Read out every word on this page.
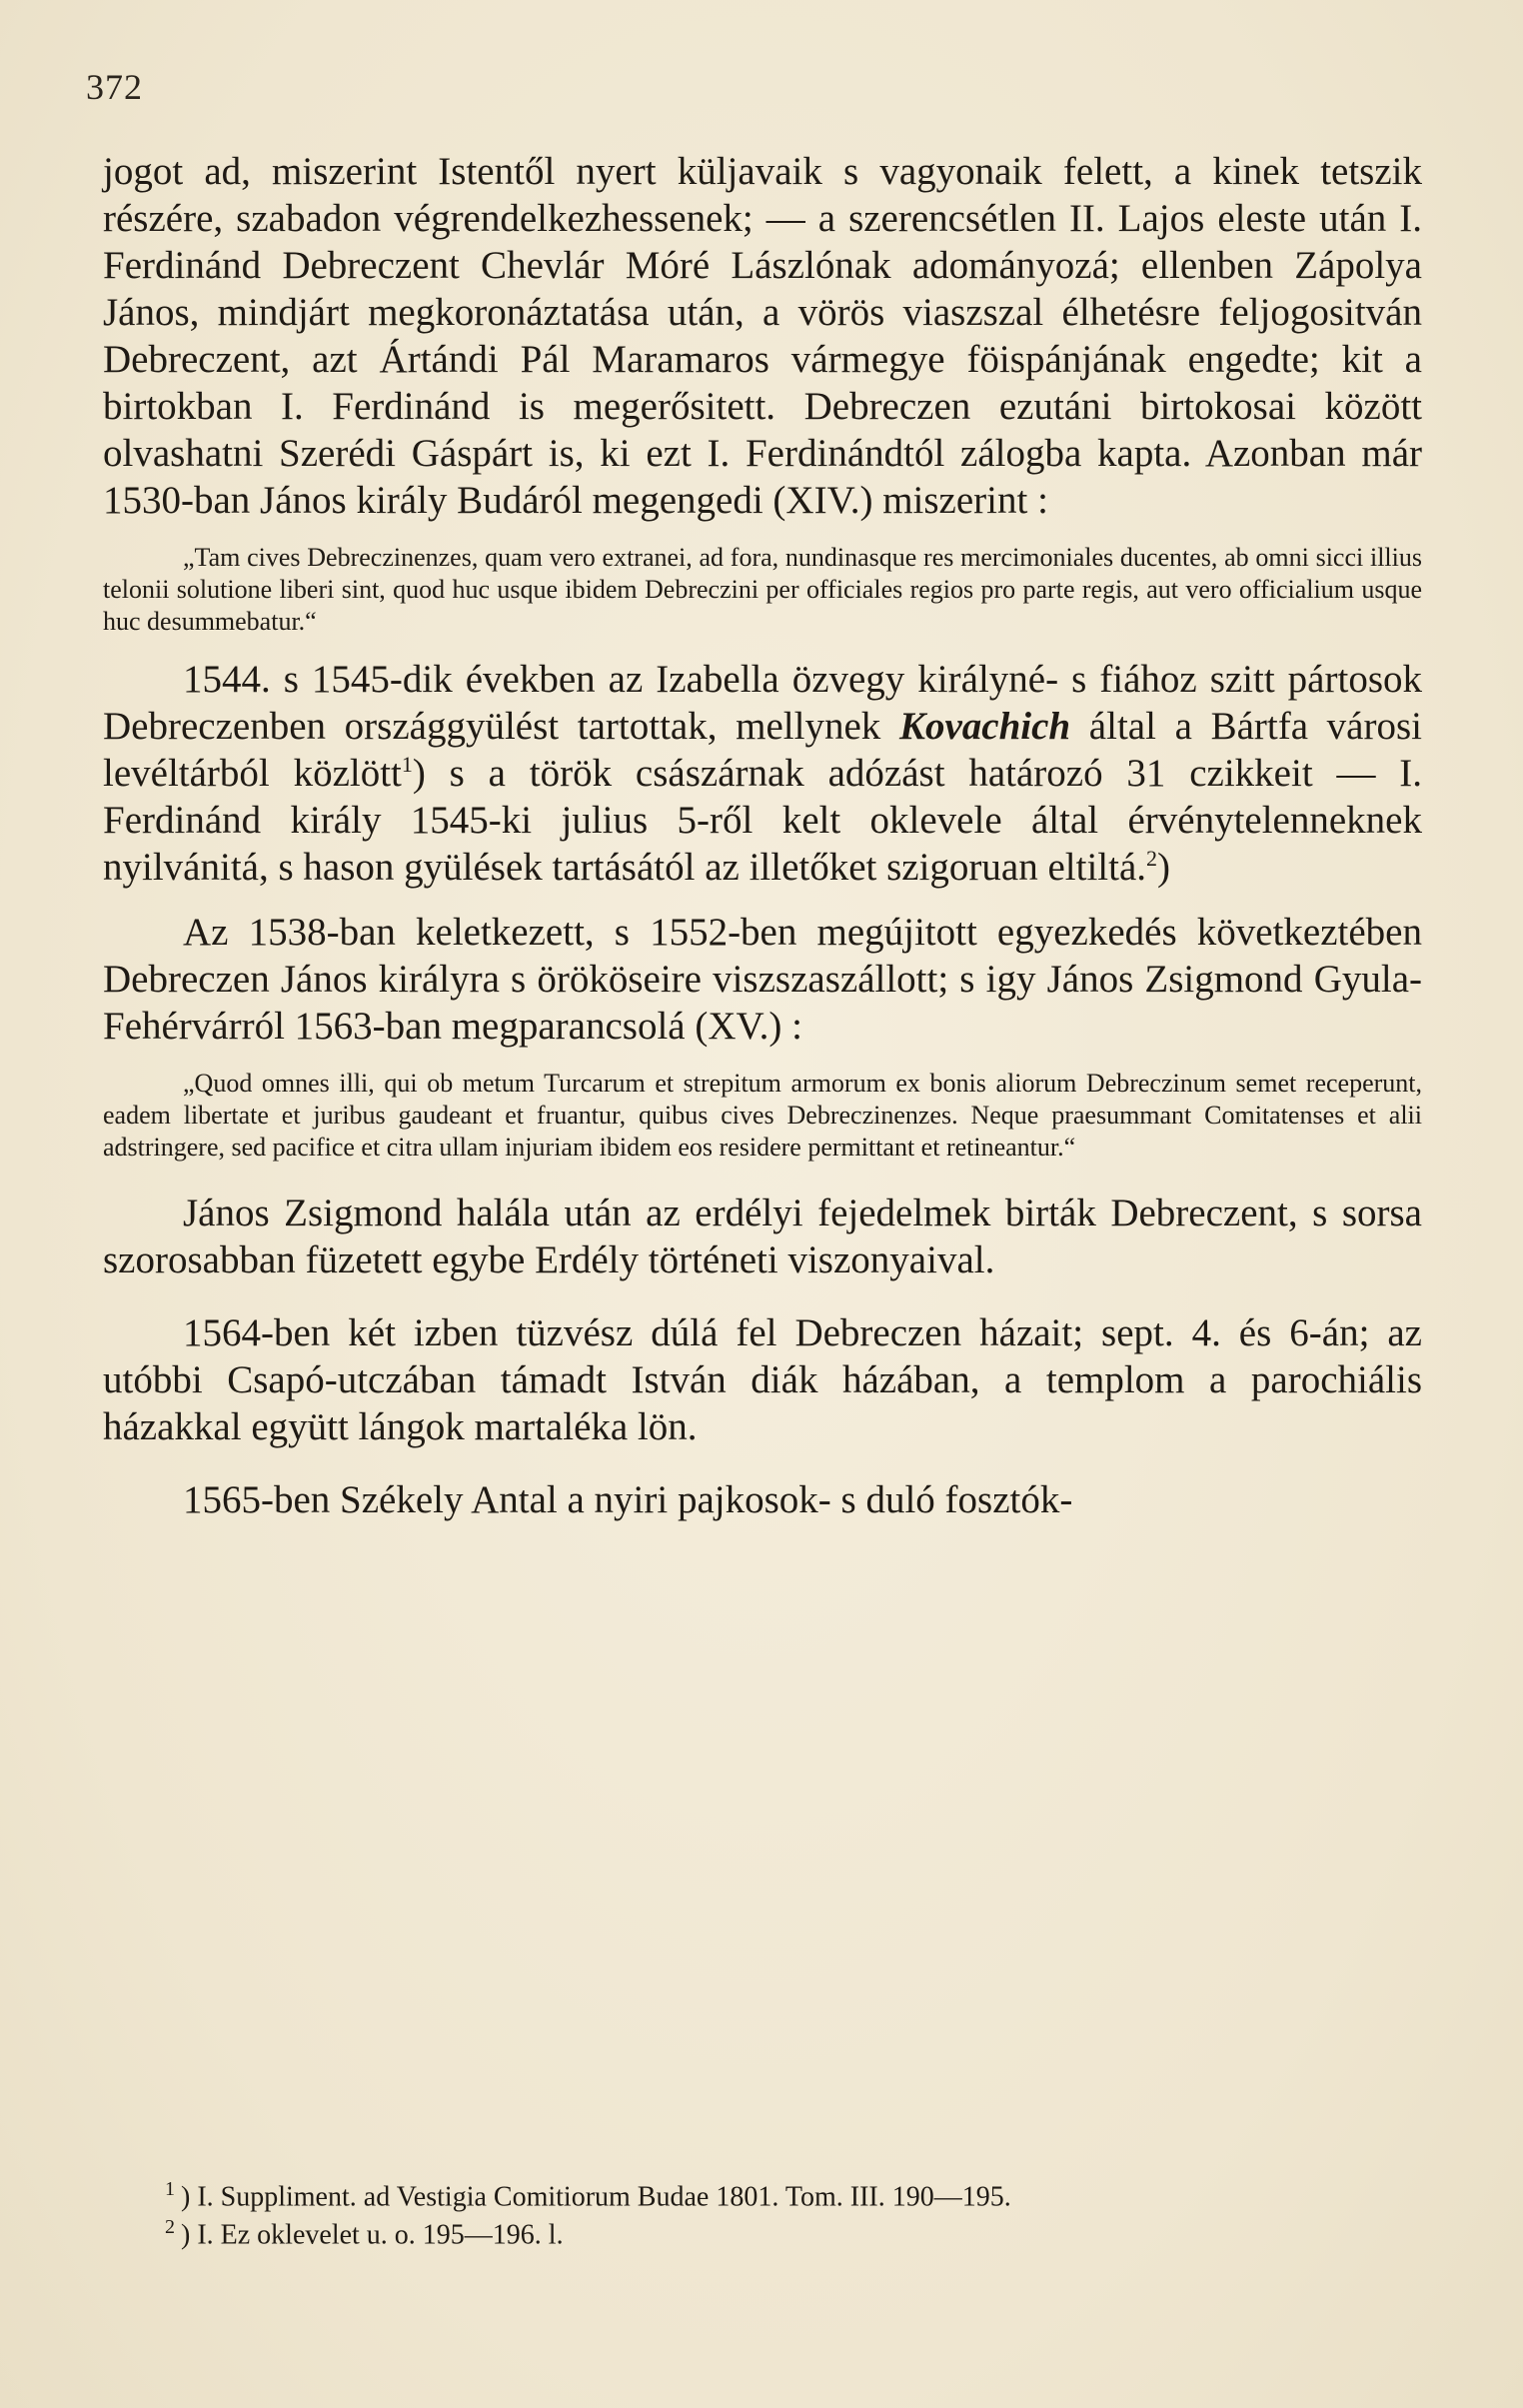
372

jogot ad, miszerint Istentől nyert küljavaik s vagyonaik felett, a kinek tetszik részére, szabadon végrendelkezhessenek; — a szerencsétlen II. Lajos eleste után I. Ferdinánd Debreczent Chevlár Móré Lászlónak adományozá; ellenben Zápolya János, mindjárt megkoronáztatása után, a vörös viaszszal élhetésre feljogositván Debreczent, azt Ártándi Pál Maramaros vármegye föispánjának engedte; kit a birtokban I. Ferdinánd is megerősitett. Debreczen ezutáni birtokosai között olvashatni Szerédi Gáspárt is, ki ezt I. Ferdinándtól zálogba kapta. Azonban már 1530-ban János király Budáról megengedi (XIV.) miszerint :

„Tam cives Debreczinenzes, quam vero extranei, ad fora, nundinasque res mercimoniales ducentes, ab omni sicci illius telonii solutione liberi sint, quod huc usque ibidem Debreczini per officiales regios pro parte regis, aut vero officialium usque huc desummebatur.“

1544. s 1545-dik években az Izabella özvegy királyné- s fiához szitt pártosok Debreczenben országgyülést tartottak, mellynek Kovachich által a Bártfa városi levéltárból közlött$^1$) s a török császárnak adózást határozó 31 czikkeit — I. Ferdinánd király 1545-ki julius 5-ről kelt oklevele által érvénytelenneknek nyilvánitá, s hason gyülések tartásától az illetőket szigoruan eltiltá.$^2$)

Az 1538-ban keletkezett, s 1552-ben megújitott egyezkedés következtében Debreczen János királyra s örököseire viszszaszállott; s igy János Zsigmond Gyula-Fehérvárról 1563-ban megparancsolá (XV.) :

„Quod omnes illi, qui ob metum Turcarum et strepitum armorum ex bonis aliorum Debreczinum semet receperunt, eadem libertate et juribus gaudeant et fruantur, quibus cives Debreczinenzes. Neque praesummant Comitatenses et alii adstringere, sed pacifice et citra ullam injuriam ibidem eos residere permittant et retineantur.“

János Zsigmond halála után az erdélyi fejedelmek birták Debreczent, s sorsa szorosabban füzetett egybe Erdély történeti viszonyaival.

1564-ben két izben tüzvész dúlá fel Debreczen házait; sept. 4. és 6-án; az utóbbi Csapó-utczában támadt István diák házában, a templom a parochiális házakkal együtt lángok martaléka lön.

1565-ben Székely Antal a nyiri pajkosok- s duló fosztók-

$^1$ ) I. Suppliment. ad Vestigia Comitiorum Budae 1801. Tom. III. 190—195.

$^2$ ) I. Ez oklevelet u. o. 195—196. l.
